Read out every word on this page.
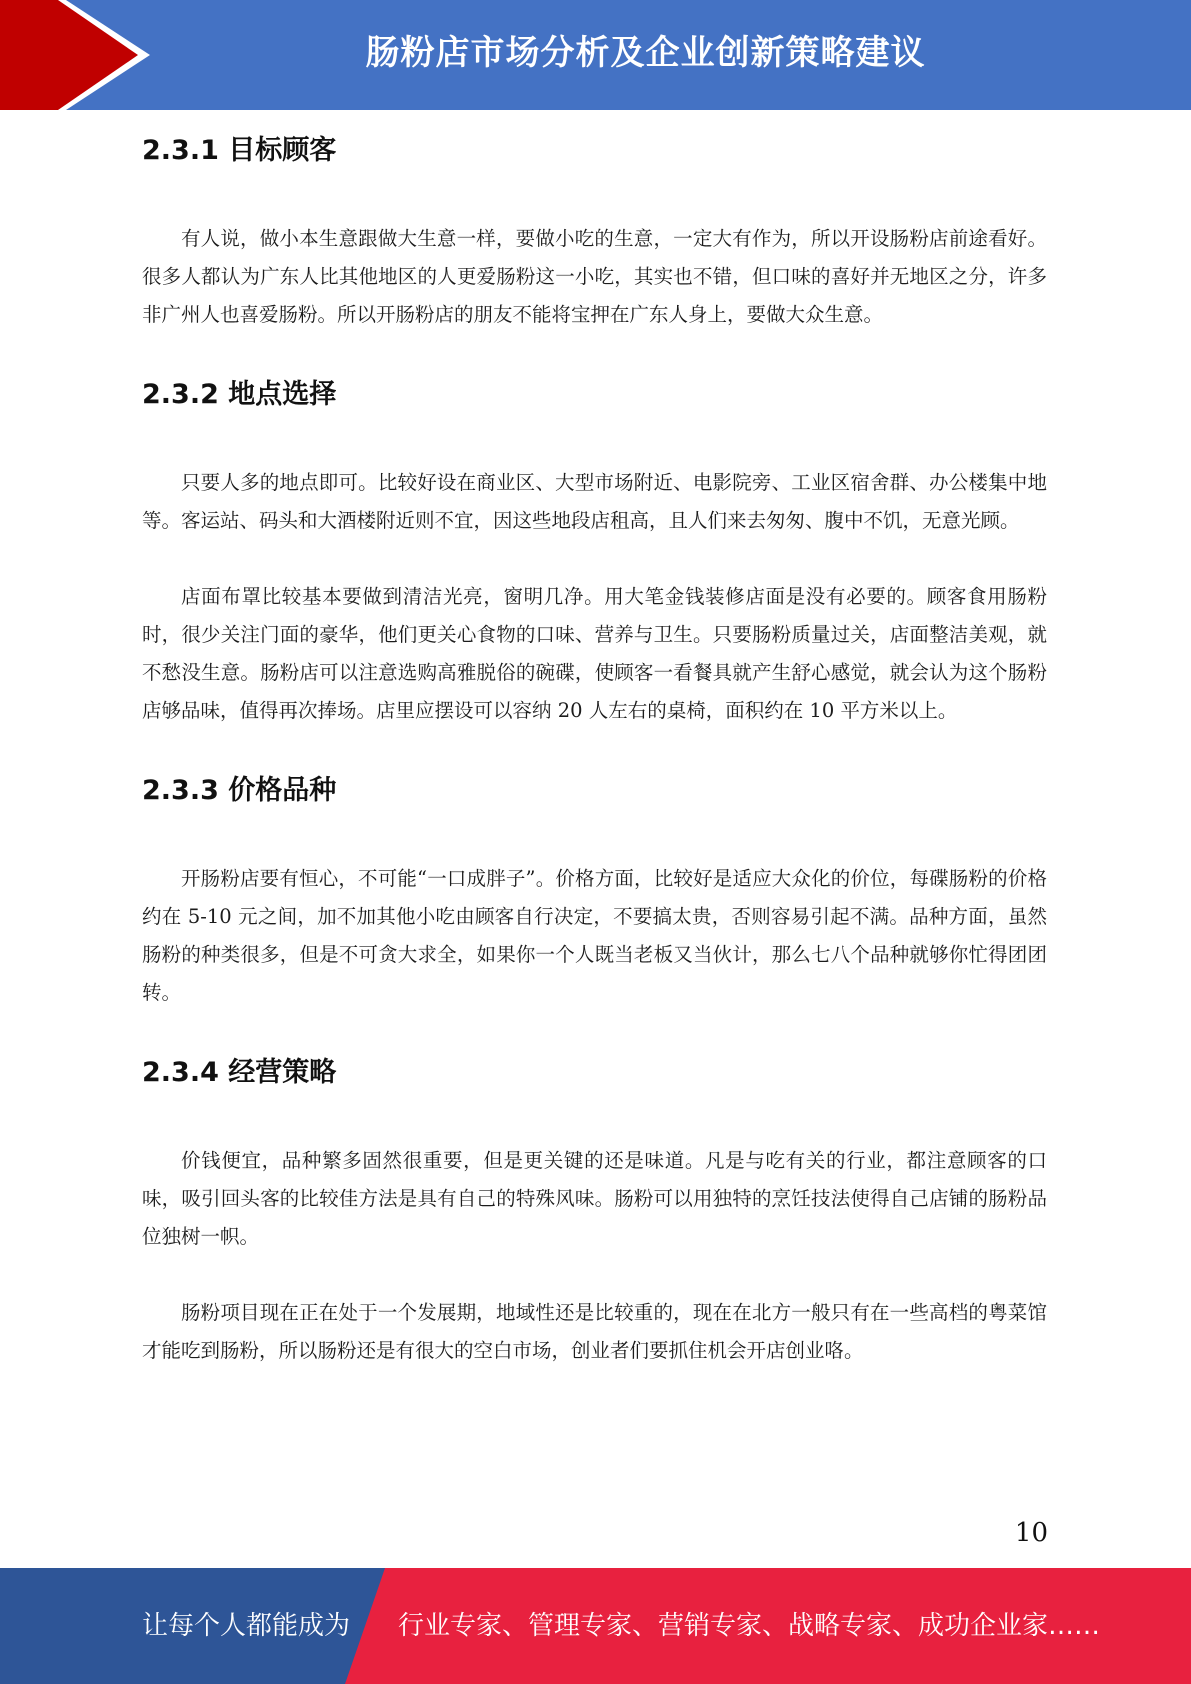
肠粉店市场分析及企业创新策略建议
2.3.1 目标顾客

有人说，做小本生意跟做大生意一样，要做小吃的生意，一定大有作为，所以开设肠粉店前途看好。很多人都认为广东人比其他地区的人更爱肠粉这一小吃，其实也不错，但口味的喜好并无地区之分，许多非广州人也喜爱肠粉。所以开肠粉店的朋友不能将宝押在广东人身上，要做大众生意。

2.3.2 地点选择

只要人多的地点即可。比较好设在商业区、大型市场附近、电影院旁、工业区宿舍群、办公楼集中地等。客运站、码头和大酒楼附近则不宜，因这些地段店租高，且人们来去匆匆、腹中不饥，无意光顾。

店面布罩比较基本要做到清洁光亮，窗明几净。用大笔金钱装修店面是没有必要的。顾客食用肠粉时，很少关注门面的豪华，他们更关心食物的口味、营养与卫生。只要肠粉质量过关，店面整洁美观，就不愁没生意。肠粉店可以注意选购高雅脱俗的碗碟，使顾客一看餐具就产生舒心感觉，就会认为这个肠粉店够品味，值得再次捧场。店里应摆设可以容纳 20 人左右的桌椅，面积约在 10 平方米以上。

2.3.3 价格品种

开肠粉店要有恒心，不可能“一口成胖子”。价格方面，比较好是适应大众化的价位，每碟肠粉的价格约在 5-10 元之间，加不加其他小吃由顾客自行决定，不要搞太贵，否则容易引起不满。品种方面，虽然肠粉的种类很多，但是不可贪大求全，如果你一个人既当老板又当伙计，那么七八个品种就够你忙得团团转。

2.3.4 经营策略

价钱便宜，品种繁多固然很重要，但是更关键的还是味道。凡是与吃有关的行业，都注意顾客的口味，吸引回头客的比较佳方法是具有自己的特殊风味。肠粉可以用独特的烹饪技法使得自己店铺的肠粉品位独树一帜。

肠粉项目现在正在处于一个发展期，地域性还是比较重的，现在在北方一般只有在一些高档的粤菜馆才能吃到肠粉，所以肠粉还是有很大的空白市场，创业者们要抓住机会开店创业咯。

10
让每个人都能成为 行业专家、管理专家、营销专家、战略专家、成功企业家……
